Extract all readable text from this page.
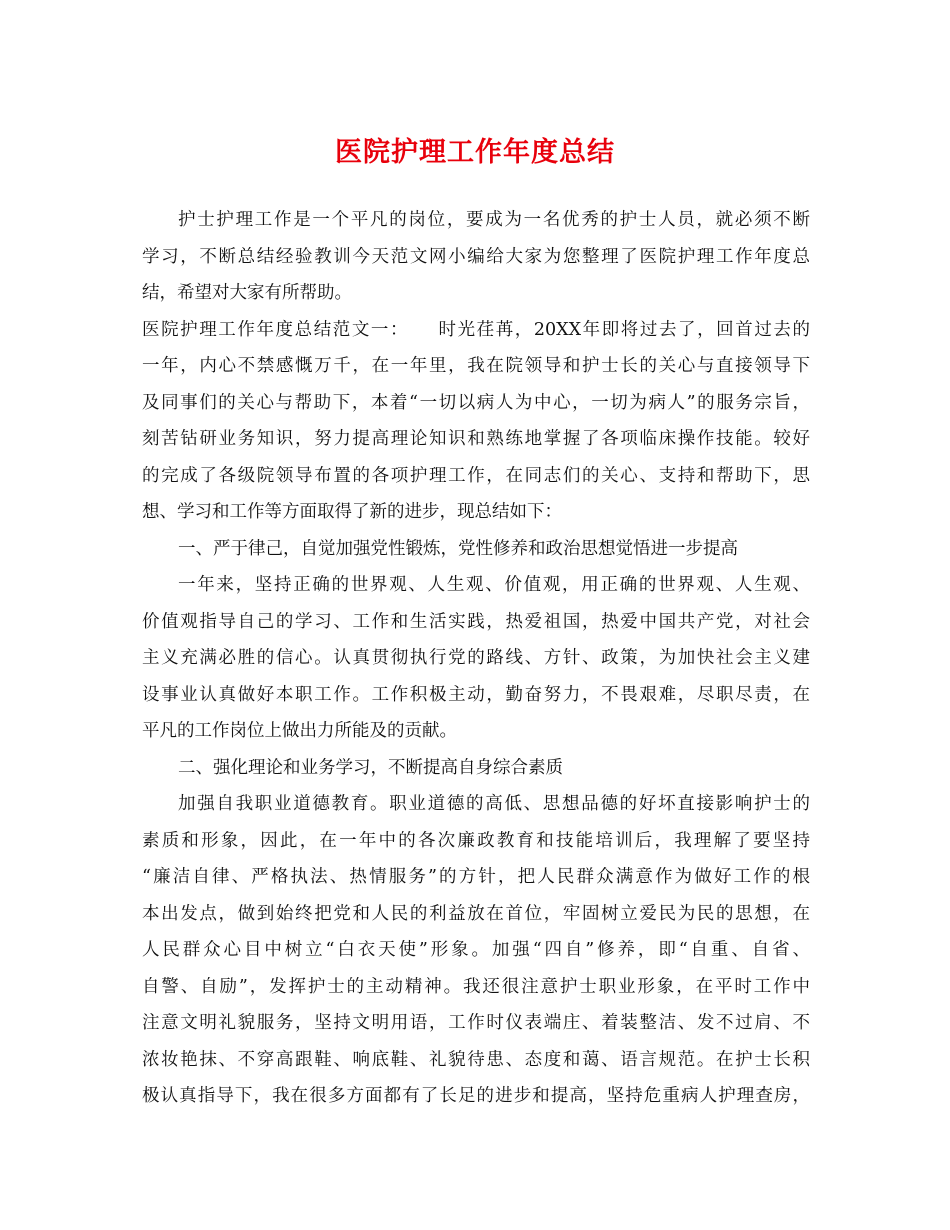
医院护理工作年度总结
护士护理工作是一个平凡的岗位，要成为一名优秀的护士人员，就必须不断
学习，不断总结经验教训今天范文网小编给大家为您整理了医院护理工作年度总
结，希望对大家有所帮助。
医院护理工作年度总结范文一：　　时光荏苒，20XX年即将过去了，回首过去的
一年，内心不禁感慨万千，在一年里，我在院领导和护士长的关心与直接领导下
及同事们的关心与帮助下，本着“一切以病人为中心，一切为病人”的服务宗旨，
刻苦钻研业务知识，努力提高理论知识和熟练地掌握了各项临床操作技能。较好
的完成了各级院领导布置的各项护理工作，在同志们的关心、支持和帮助下，思
想、学习和工作等方面取得了新的进步，现总结如下：
一、严于律己，自觉加强党性锻炼，党性修养和政治思想觉悟进一步提高
一年来，坚持正确的世界观、人生观、价值观，用正确的世界观、人生观、
价值观指导自己的学习、工作和生活实践，热爱祖国，热爱中国共产党，对社会
主义充满必胜的信心。认真贯彻执行党的路线、方针、政策，为加快社会主义建
设事业认真做好本职工作。工作积极主动，勤奋努力，不畏艰难，尽职尽责，在
平凡的工作岗位上做出力所能及的贡献。
二、强化理论和业务学习，不断提高自身综合素质
加强自我职业道德教育。职业道德的高低、思想品德的好坏直接影响护士的
素质和形象，因此，在一年中的各次廉政教育和技能培训后，我理解了要坚持
“廉洁自律、严格执法、热情服务”的方针，把人民群众满意作为做好工作的根
本出发点，做到始终把党和人民的利益放在首位，牢固树立爱民为民的思想，在
人民群众心目中树立“白衣天使”形象。加强“四自”修养，即“自重、自省、
自警、自励”，发挥护士的主动精神。我还很注意护士职业形象，在平时工作中
注意文明礼貌服务，坚持文明用语，工作时仪表端庄、着装整洁、发不过肩、不
浓妆艳抹、不穿高跟鞋、响底鞋、礼貌待患、态度和蔼、语言规范。在护士长积
极认真指导下，我在很多方面都有了长足的进步和提高，坚持危重病人护理查房，
